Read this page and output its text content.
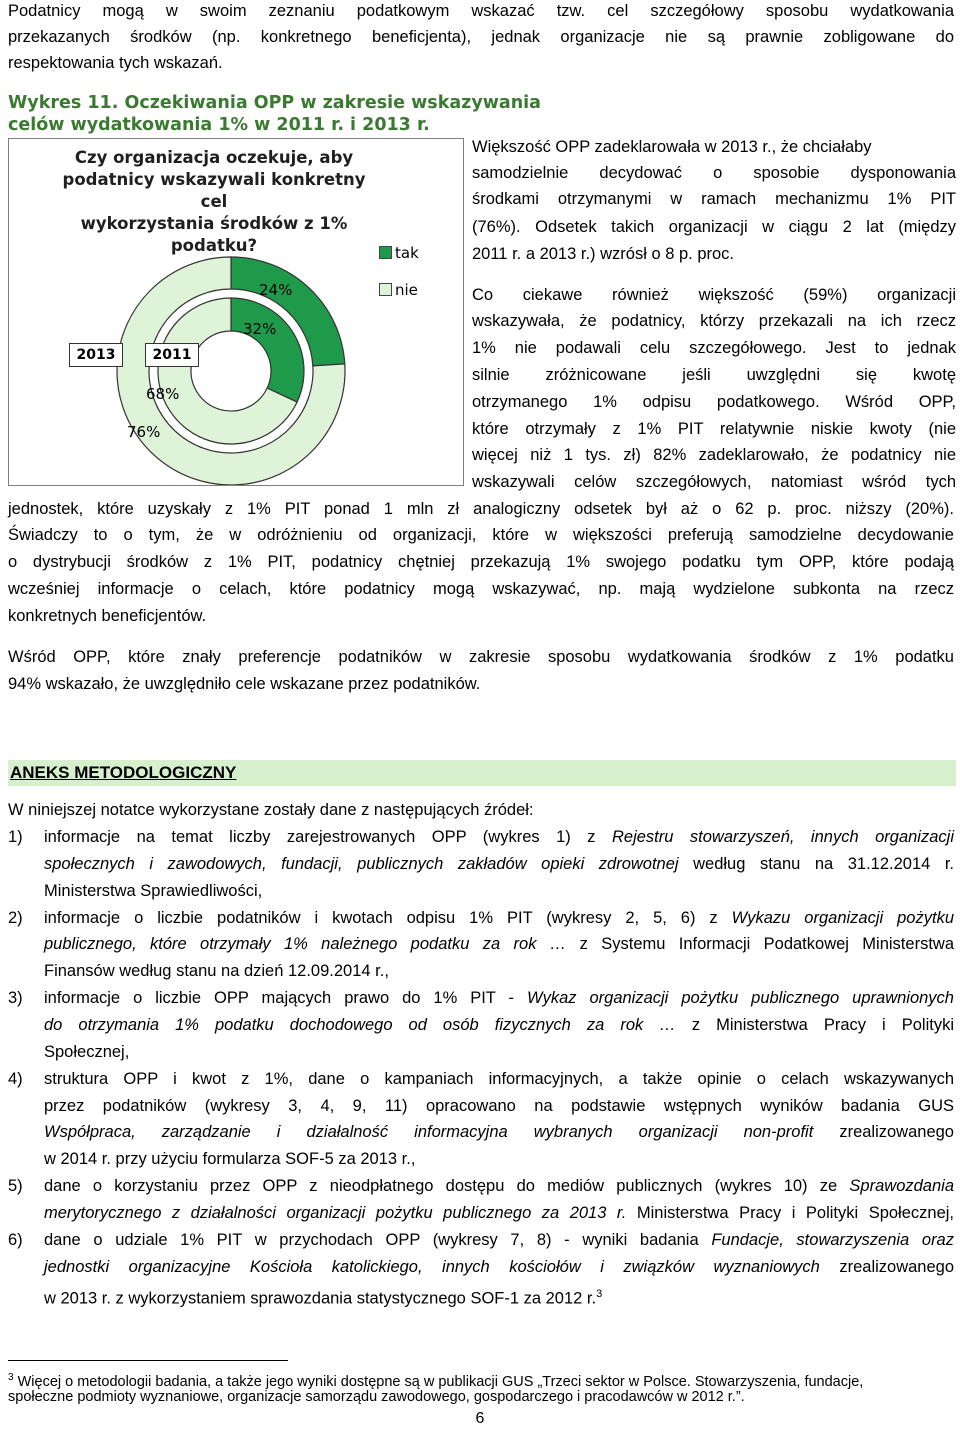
Podatnicy mogą w swoim zeznaniu podatkowym wskazać tzw. cel szczegółowy sposobu wydatkowania
przekazanych środków (np. konkretnego beneficjenta), jednak organizacje nie są prawnie zobligowane do
respektowania tych wskazań.
Wykres 11. Oczekiwania OPP w zakresie wskazywania
celów wydatkowania 1% w 2011 r. i 2013 r.
Czy organizacja oczekuje, aby
podatnicy wskazywali konkretny cel
wykorzystania środków z 1%
podatku?	tak
nie
24%
32%
68%
76%
2013	2011
Większość OPP zadeklarowała w 2013 r., że chciałaby
samodzielnie decydować o sposobie dysponowania
środkami otrzymanymi w ramach mechanizmu 1% PIT
(76%). Odsetek takich organizacji w ciągu 2 lat (między
2011 r. a 2013 r.) wzrósł o 8 p. proc.
Co ciekawe również większość (59%) organizacji
wskazywała, że podatnicy, którzy przekazali na ich rzecz
1% nie podawali celu szczegółowego. Jest to jednak
silnie zróżnicowane jeśli uwzględni się kwotę
otrzymanego 1% odpisu podatkowego. Wśród OPP,
które otrzymały z 1% PIT relatywnie niskie kwoty (nie
więcej niż 1 tys. zł) 82% zadeklarowało, że podatnicy nie
wskazywali celów szczegółowych, natomiast wśród tych
jednostek, które uzyskały z 1% PIT ponad 1 mln zł analogiczny odsetek był aż o 62 p. proc. niższy (20%).
Świadczy to o tym, że w odróżnieniu od organizacji, które w większości preferują samodzielne decydowanie
o dystrybucji środków z 1% PIT, podatnicy chętniej przekazują 1% swojego podatku tym OPP, które podają
wcześniej informacje o celach, które podatnicy mogą wskazywać, np. mają wydzielone subkonta na rzecz
konkretnych beneficjentów.
Wśród OPP, które znały preferencje podatników w zakresie sposobu wydatkowania środków z 1% podatku
94% wskazało, że uwzględniło cele wskazane przez podatników.
ANEKS METODOLOGICZNY
W niniejszej notatce wykorzystane zostały dane z następujących źródeł:
1) informacje na temat liczby zarejestrowanych OPP (wykres 1) z Rejestru stowarzyszeń, innych organizacji
społecznych i zawodowych, fundacji, publicznych zakładów opieki zdrowotnej według stanu na 31.12.2014 r.
Ministerstwa Sprawiedliwości,
2) informacje o liczbie podatników i kwotach odpisu 1% PIT (wykresy 2, 5, 6) z Wykazu organizacji pożytku
publicznego, które otrzymały 1% należnego podatku za rok … z Systemu Informacji Podatkowej Ministerstwa
Finansów według stanu na dzień 12.09.2014 r.,
3) informacje o liczbie OPP mających prawo do 1% PIT - Wykaz organizacji pożytku publicznego uprawnionych
do otrzymania 1% podatku dochodowego od osób fizycznych za rok … z Ministerstwa Pracy i Polityki
Społecznej,
4) struktura OPP i kwot z 1%, dane o kampaniach informacyjnych, a także opinie o celach wskazywanych
przez podatników (wykresy 3, 4, 9, 11) opracowano na podstawie wstępnych wyników badania GUS
Współpraca, zarządzanie i działalność informacyjna wybranych organizacji non-profit zrealizowanego
w 2014 r. przy użyciu formularza SOF-5 za 2013 r.,
5) dane o korzystaniu przez OPP z nieodpłatnego dostępu do mediów publicznych (wykres 10) ze Sprawozdania
merytorycznego z działalności organizacji pożytku publicznego za 2013 r. Ministerstwa Pracy i Polityki Społecznej,
6) dane o udziale 1% PIT w przychodach OPP (wykresy 7, 8) - wyniki badania Fundacje, stowarzyszenia oraz
jednostki organizacyjne Kościoła katolickiego, innych kościołów i związków wyznaniowych zrealizowanego
w 2013 r. z wykorzystaniem sprawozdania statystycznego SOF-1 za 2012 r.$^3$
$^3$ Więcej o metodologii badania, a także jego wyniki dostępne są w publikacji GUS „Trzeci sektor w Polsce. Stowarzyszenia, fundacje,
społeczne podmioty wyznaniowe, organizacje samorządu zawodowego, gospodarczego i pracodawców w 2012 r.”.
6
